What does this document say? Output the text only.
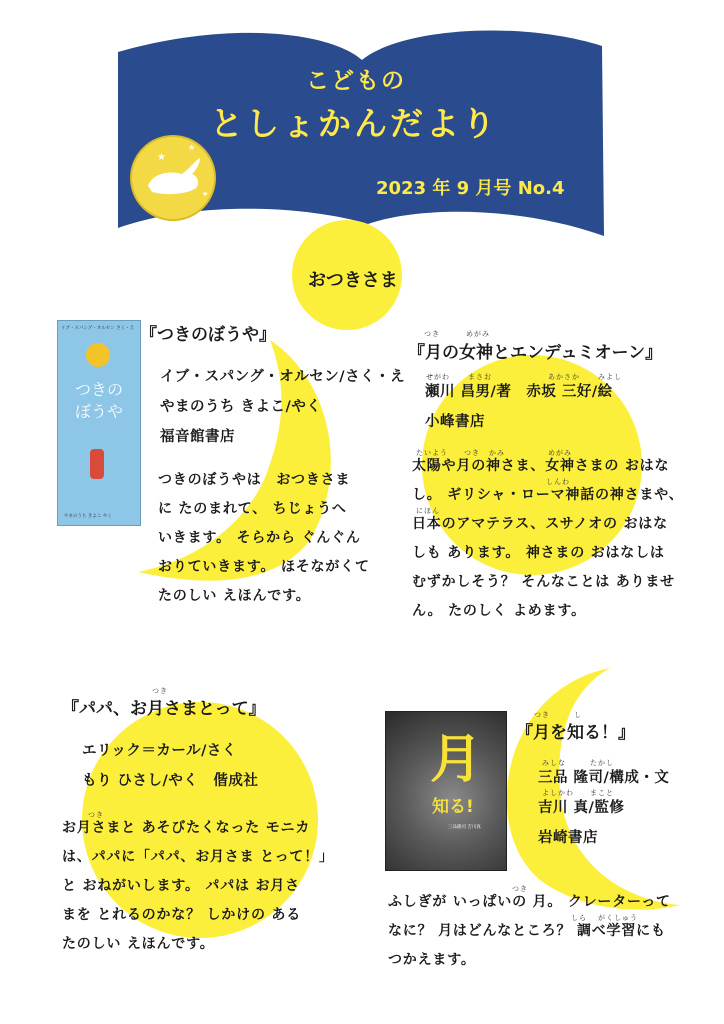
★
★
★
こどもの
としょかんだより
2023 年 9 月号 No.4
おつきさま
イブ・スパング・オルセン さく・え
つきの
ぼうや
やまのうち きよこ やく
『つきのぼうや』
イブ・スパング・オルセン/さく・え
やまのうち きよこ/やく
福音館書店
つきのぼうやは　おつきさま
に たのまれて、 ちじょうへ
いきます。 そらから ぐんぐん
おりていきます。 ほそながくて
たのしい えほんです。
つき	めがみ
『月の女神とエンデュミオーン』
せがわ	まさお	あかさか	みよし
瀬川 昌男/著　赤坂 三好/絵
小峰書店
たいよう つき かみ	めがみ
しんわ
にほん
太陽や月の神さま、女神さまの おはな
し。 ギリシャ・ローマ神話の神さまや、
日本のアマテラス、スサノオの おはな
しも あります。 神さまの おはなしは
むずかしそう？ そんなことは ありませ
ん。 たのしく よめます。
つき
『パパ、お月さまとって』
エリック＝カール/さく
もり ひさし/やく　偕成社
つき
お月さまと あそびたくなった モニカ
は、パパに「パパ、お月さま とって！」
と おねがいします。 パパは お月さ
まを とれるのかな？ しかけの ある
たのしい えほんです。
月
知る!
三品隆司 吉川真
つき	し
『月を知る！』
みしな	たかし
よしかわ まこと
三品 隆司/構成・文
吉川 真/監修
岩崎書店
つき
しら がくしゅう
ふしぎが いっぱいの 月。 クレーターって
なに？ 月はどんなところ？ 調べ学習にも
つかえます。
